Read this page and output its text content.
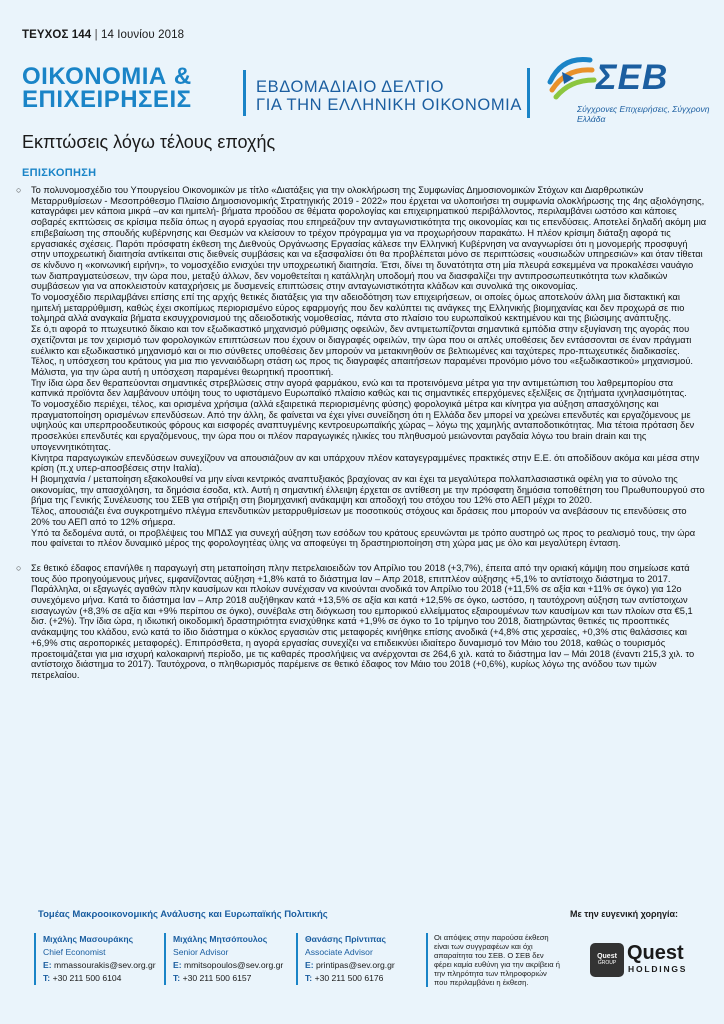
ΤΕΥΧΟΣ 144 | 14 Ιουνίου 2018
ΟΙΚΟΝΟΜΙΑ &
ΕΠΙΧΕΙΡΗΣΕΙΣ	ΕΒΔΟΜΑΔΙΑΙΟ ΔΕΛΤΙΟ
ΓΙΑ ΤΗΝ ΕΛΛΗΝΙΚΗ ΟΙΚΟΝΟΜΙΑ
ΣΕΒ
Σύγχρονες Επιχειρήσεις, Σύγχρονη Ελλάδα
Εκπτώσεις λόγω τέλους εποχής
ΕΠΙΣΚΟΠΗΣΗ
○ Το πολυνομοσχέδιο του Υπουργείου Οικονομικών με τίτλο «Διατάξεις για την ολοκλήρωση της Συμφωνίας Δημοσιονομικών Στόχων και Διαρθρωτικών Μεταρρυθμίσεων - Μεσοπρόθεσμο Πλαίσιο Δημοσιονομικής Στρατηγικής 2019 - 2022» που έρχεται να υλοποιήσει τη συμφωνία ολοκλήρωσης της 4ης αξιολόγησης, καταγράφει μεν κάποια μικρά –αν και ημιτελή- βήματα προόδου σε θέματα φορολογίας και επιχειρηματικού περιβάλλοντος, περιλαμβάνει ωστόσο και κάποιες σοβαρές εκπτώσεις σε κρίσιμα πεδία όπως η αγορά εργασίας που επηρεάζουν την ανταγωνιστικότητα της οικονομίας και τις επενδύσεις. Αποτελεί δηλαδή ακόμη μια επιβεβαίωση της σπουδής κυβέρνησης και Θεσμών να κλείσουν το τρέχον πρόγραμμα για να προχωρήσουν παρακάτω. Η πλέον κρίσιμη διάταξη αφορά τις εργασιακές σχέσεις. Παρότι πρόσφατη έκθεση της Διεθνούς Οργάνωσης Εργασίας κάλεσε την Ελληνική Κυβέρνηση να αναγνωρίσει ότι η μονομερής προσφυγή στην υποχρεωτική διαιτησία αντίκειται στις διεθνείς συμβάσεις και να εξασφαλίσει ότι θα προβλέπεται μόνο σε περιπτώσεις «ουσιωδών υπηρεσιών» και όταν τίθεται σε κίνδυνο η «κοινωνική ειρήνη», το νομοσχέδιο ενισχύει την υποχρεωτική διαιτησία. Έτσι, δίνει τη δυνατότητα στη μία πλευρά εσκεμμένα να προκαλέσει ναυάγιο των διαπραγματεύσεων, την ώρα που, μεταξύ άλλων, δεν νομοθετείται η κατάλληλη υποδομή που να διασφαλίζει την αντιπροσωπευτικότητα των κλαδικών συμβάσεων για να αποκλειστούν καταχρήσεις με δυσμενείς επιπτώσεις στην ανταγωνιστικότητα κλάδων και συνολικά της οικονομίας.

Το νομοσχέδιο περιλαμβάνει επίσης επί της αρχής θετικές διατάξεις για την αδειοδότηση των επιχειρήσεων, οι οποίες όμως αποτελούν άλλη μια διστακτική και ημιτελή μεταρρύθμιση, καθώς έχει σκοπίμως περιορισμένο εύρος εφαρμογής που δεν καλύπτει τις ανάγκες της Ελληνικής βιομηχανίας και δεν προχωρά σε πιο τολμηρά αλλά αναγκαία βήματα εκσυγχρονισμού της αδειοδοτικής νομοθεσίας, πάντα στο πλαίσιο του ευρωπαϊκού κεκτημένου και της βιώσιμης ανάπτυξης.

Σε ό,τι αφορά το πτωχευτικό δίκαιο και τον εξωδικαστικό μηχανισμό ρύθμισης οφειλών, δεν αντιμετωπίζονται σημαντικά εμπόδια στην εξυγίανση της αγοράς που σχετίζονται με τον χειρισμό των φορολογικών επιπτώσεων που έχουν οι διαγραφές οφειλών, την ώρα που οι απλές υποθέσεις δεν εντάσσονται σε έναν πράγματι ευέλικτο και εξωδικαστικό μηχανισμό και οι πιο σύνθετες υποθέσεις δεν μπορούν να μετακινηθούν σε βελτιωμένες και ταχύτερες προ-πτωχευτικές διαδικασίες. Τέλος, η υπόσχεση του κράτους για μια πιο γενναιόδωρη στάση ως προς τις διαγραφές απαιτήσεων παραμένει προνόμιο μόνο του «εξωδικαστικού» μηχανισμού. Μάλιστα, για την ώρα αυτή η υπόσχεση παραμένει θεωρητική προοπτική.

Την ίδια ώρα δεν θεραπεύονται σημαντικές στρεβλώσεις στην αγορά φαρμάκου, ενώ και τα προτεινόμενα μέτρα για την αντιμετώπιση του λαθρεμπορίου στα καπνικά προϊόντα δεν λαμβάνουν υπόψη τους το υφιστάμενο Ευρωπαϊκό πλαίσιο καθώς και τις σημαντικές επερχόμενες εξελίξεις σε ζητήματα ιχνηλασιμότητας.

Το νομοσχέδιο περιέχει, τέλος, και ορισμένα χρήσιμα (αλλά εξαιρετικά περιορισμένης φύσης) φορολογικά μέτρα και κίνητρα για αύξηση απασχόλησης και πραγματοποίηση ορισμένων επενδύσεων. Από την άλλη, δε φαίνεται να έχει γίνει συνείδηση ότι η Ελλάδα δεν μπορεί να χρεώνει επενδυτές και εργαζόμενους με υψηλούς και υπερπροοδευτικούς φόρους και εισφορές αναπτυγμένης κεντροευρωπαϊκής χώρας – λόγω της χαμηλής ανταποδοτικότητας. Μια τέτοια πρόταση δεν προσελκύει επενδυτές και εργαζόμενους, την ώρα που οι πλέον παραγωγικές ηλικίες του πληθυσμού μειώνονται ραγδαία λόγω του brain drain και της υπογεννητικότητας.

Κίνητρα παραγωγικών επενδύσεων συνεχίζουν να απουσιάζουν αν και υπάρχουν πλέον καταγεγραμμένες πρακτικές στην Ε.Ε. ότι αποδίδουν ακόμα και μέσα στην κρίση (π.χ υπερ-αποσβέσεις στην Ιταλία).

Η βιομηχανία / μεταποίηση εξακολουθεί να μην είναι κεντρικός αναπτυξιακός βραχίονας αν και έχει τα μεγαλύτερα πολλαπλασιαστικά οφέλη για το σύνολο της οικονομίας, την απασχόληση, τα δημόσια έσοδα, κτλ. Αυτή η σημαντική έλλειψη έρχεται σε αντίθεση με την πρόσφατη δημόσια τοποθέτηση του Πρωθυπουργού στο βήμα της Γενικής Συνέλευσης του ΣΕΒ για στήριξη στη βιομηχανική ανάκαμψη και αποδοχή του στόχου του 12% στο ΑΕΠ μέχρι το 2020.

Τέλος, απουσιάζει ένα συγκροτημένο πλέγμα επενδυτικών μεταρρυθμίσεων με ποσοτικούς στόχους και δράσεις που μπορούν να ανεβάσουν τις επενδύσεις στο 20% του ΑΕΠ από το 12% σήμερα.

Υπό τα δεδομένα αυτά, οι προβλέψεις του ΜΠΔΣ για συνεχή αύξηση των εσόδων του κράτους ερευνώνται με τρόπο αυστηρό ως προς το ρεαλισμό τους, την ώρα που φαίνεται το πλέον δυναμικό μέρος της φορολογητέας ύλης να αποφεύγει τη δραστηριοποίηση στη χώρα μας με όλο και μεγαλύτερη ένταση.

○ Σε θετικό έδαφος επανήλθε η παραγωγή στη μεταποίηση πλην πετρελαιοειδών τον Απρίλιο του 2018 (+3,7%), έπειτα από την οριακή κάμψη που σημείωσε κατά τους δύο προηγούμενους μήνες, εμφανίζοντας αύξηση +1,8% κατά το διάστημα Ιαν – Απρ 2018, επιτπλέον αύξησης +5,1% το αντίστοιχο διάστημα το 2017. Παράλληλα, οι εξαγωγές αγαθών πλην καυσίμων και πλοίων συνέχισαν να κινούνται ανοδικά τον Απρίλιο του 2018 (+11,5% σε αξία και +11% σε όγκο) για 12ο συνεχόμενο μήνα. Κατά το διάστημα Ιαν – Απρ 2018 αυξήθηκαν κατά +13,5% σε αξία και κατά +12,5% σε όγκο, ωστόσο, η ταυτόχρονη αύξηση των αντίστοιχων εισαγωγών (+8,3% σε αξία και +9% περίπου σε όγκο), συνέβαλε στη διόγκωση του εμπορικού ελλείμματος εξαιρουμένων των καυσίμων και των πλοίων στα €5,1 δισ. (+2%). Την ίδια ώρα, η ιδιωτική οικοδομική δραστηριότητα ενισχύθηκε κατά +1,9% σε όγκο το 1ο τρίμηνο του 2018, διατηρώντας θετικές τις προοπτικές ανάκαμψης του κλάδου, ενώ κατά το ίδιο διάστημα ο κύκλος εργασιών στις μεταφορές κινήθηκε επίσης ανοδικά (+4,8% στις χερσαίες, +0,3% στις θαλάσσιες και +6,9% στις αεροπορικές μεταφορές). Επιπρόσθετα, η αγορά εργασίας συνεχίζει να επιδεικνύει ιδιαίτερο δυναμισμό τον Μάιο του 2018, καθώς ο τουρισμός προετοιμάζεται για μια ισχυρή καλοκαιρινή περίοδο, με τις καθαρές προσλήψεις να ανέρχονται σε 264,6 χιλ. κατά το διάστημα Ιαν – Μάι 2018 (έναντι 215,3 χιλ. το αντίστοιχο διάστημα το 2017). Ταυτόχρονα, ο πληθωρισμός παρέμεινε σε θετικό έδαφος τον Μάιο του 2018 (+0,6%), κυρίως λόγω της ανόδου των τιμών πετρελαίου.

Τομέας Μακροοικονομικής Ανάλυσης και Ευρωπαϊκής Πολιτικής	Με την ευγενική χορηγία:
Μιχάλης Μασουράκης
Chief Economist
E: mmassourakis@sev.org.gr
T: +30 211 500 6104
Μιχάλης Μητσόπουλος
Senior Advisor
E: mmitsopoulos@sev.org.gr
T: +30 211 500 6157
Θανάσης Πρίντιπας
Associate Advisor
E: printipas@sev.org.gr
T: +30 211 500 6176
Οι απόψεις στην παρούσα έκθεση είναι των συγγραφέων και όχι απαραίτητα του ΣΕΒ. Ο ΣΕΒ δεν φέρει καμία ευθύνη για την ακρίβεια ή την πληρότητα των πληροφοριών που περιλαμβάνει η έκθεση.
Quest
GROUP Quest
HOLDINGS
